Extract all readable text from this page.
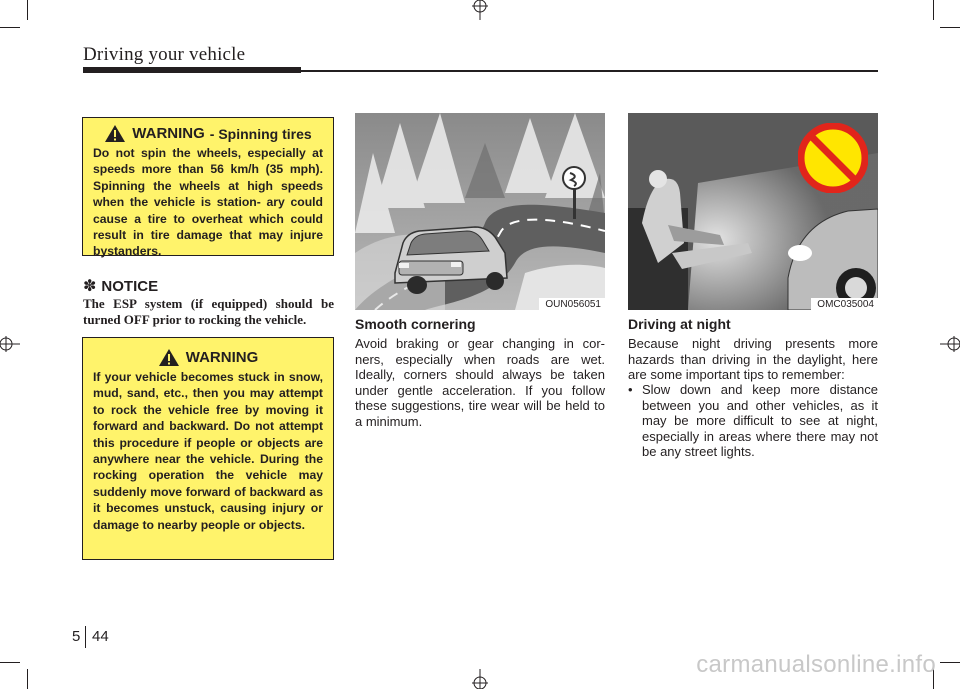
Driving your vehicle
WARNING - Spinning tires
Do not spin the wheels, especially at speeds more than 56 km/h (35 mph). Spinning the wheels at high speeds when the vehicle is station- ary could cause a tire to overheat which could result in tire damage that may injure bystanders.
✽ NOTICE
The ESP system (if equipped) should be turned OFF prior to rocking the vehicle.
WARNING
If your vehicle becomes stuck in snow, mud, sand, etc., then you may attempt to rock the vehicle free by moving it forward and backward. Do not attempt this procedure if people or objects are anywhere near the vehicle. During the rocking operation the vehicle may suddenly move forward of backward as it becomes unstuck, causing injury or damage to nearby people or objects.
OUN056051	OMC035004
Smooth cornering
Avoid braking or gear changing in cor- ners, especially when roads are wet. Ideally, corners should always be taken under gentle acceleration. If you follow these suggestions, tire wear will be held to a minimum.
Driving at night
Because night driving presents more hazards than driving in the daylight, here are some important tips to remember:
• Slow down and keep more distance between you and other vehicles, as it may be more difficult to see at night, especially in areas where there may not be any street lights.
5 44
carmanualsonline.info
